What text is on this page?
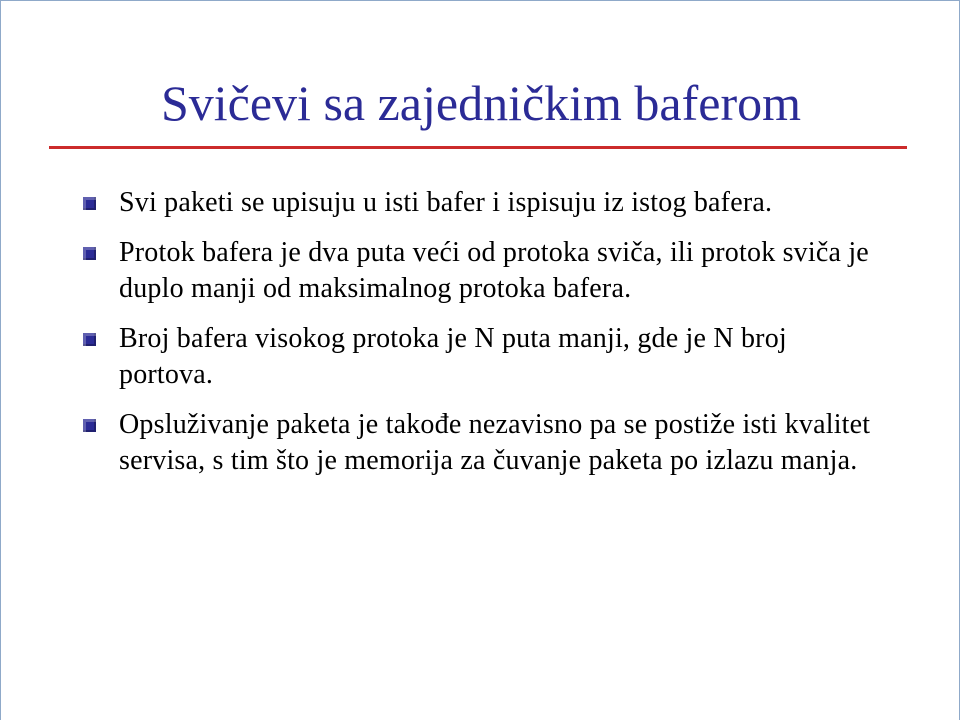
Svičevi sa zajedničkim baferom
Svi paketi se upisuju u isti bafer i ispisuju iz istog bafera.
Protok bafera je dva puta veći od protoka sviča, ili protok sviča je duplo manji od maksimalnog protoka bafera.
Broj bafera visokog protoka je N puta manji, gde je N broj portova.
Opsluživanje paketa je takođe nezavisno pa se postiže isti kvalitet servisa, s tim što je memorija za čuvanje paketa po izlazu manja.
